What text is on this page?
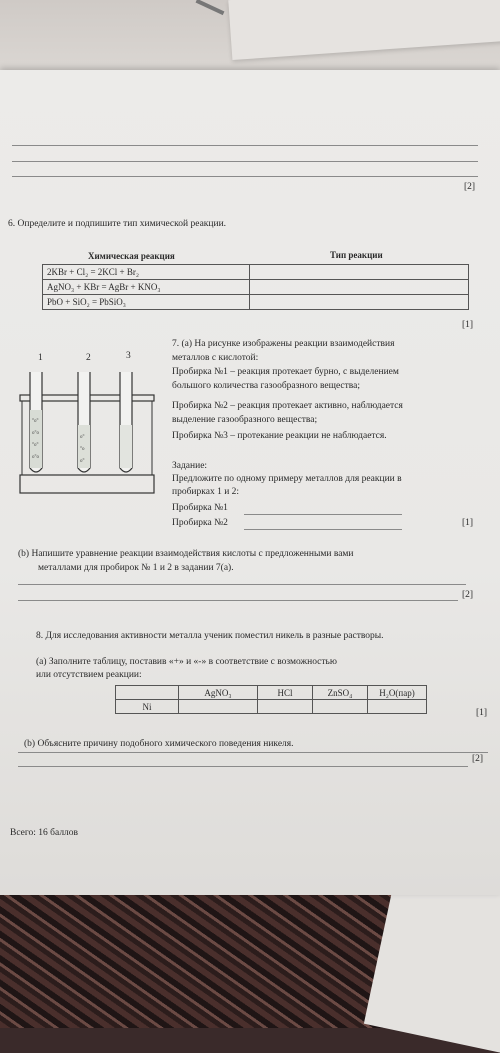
[2]
6. Определите и подпишите тип химической реакции.
Химическая реакция	Тип реакции
2KBr + Cl₂ = 2KCl + Br₂	
AgNO₃ + KBr = AgBr + KNO₃	
PbO + SiO₂ = PbSiO₃	
[1]
1	2	3
°ο°
ο°ο
°ο°
ο°ο
ο°
°ο
ο°
7. (а) На рисунке изображены реакции взаимодействия
металлов с кислотой:
Пробирка №1 – реакция протекает бурно, с выделением
большого количества газообразного вещества;
Пробирка №2 – реакция протекает активно, наблюдается
выделение газообразного вещества;
Пробирка №3 – протекание реакции не наблюдается.
Задание:
Предложите по одному примеру металлов для реакции в
пробирках 1 и 2:
Пробирка №1
Пробирка №2	[1]
(b) Напишите уравнение реакции взаимодействия кислоты с предложенными вами
металлами для пробирок № 1 и 2 в задании 7(а).
[2]
8. Для исследования активности металла ученик поместил никель в разные растворы.
(а) Заполните таблицу, поставив «+» и «-» в соответствие с возможностью
или отсутствием реакции:
	AgNO₃	HCl	ZnSO₄	H₂O(пар)
Ni				
[1]
(b) Объясните причину подобного химического поведения никеля.
[2]
Всего: 16 баллов
